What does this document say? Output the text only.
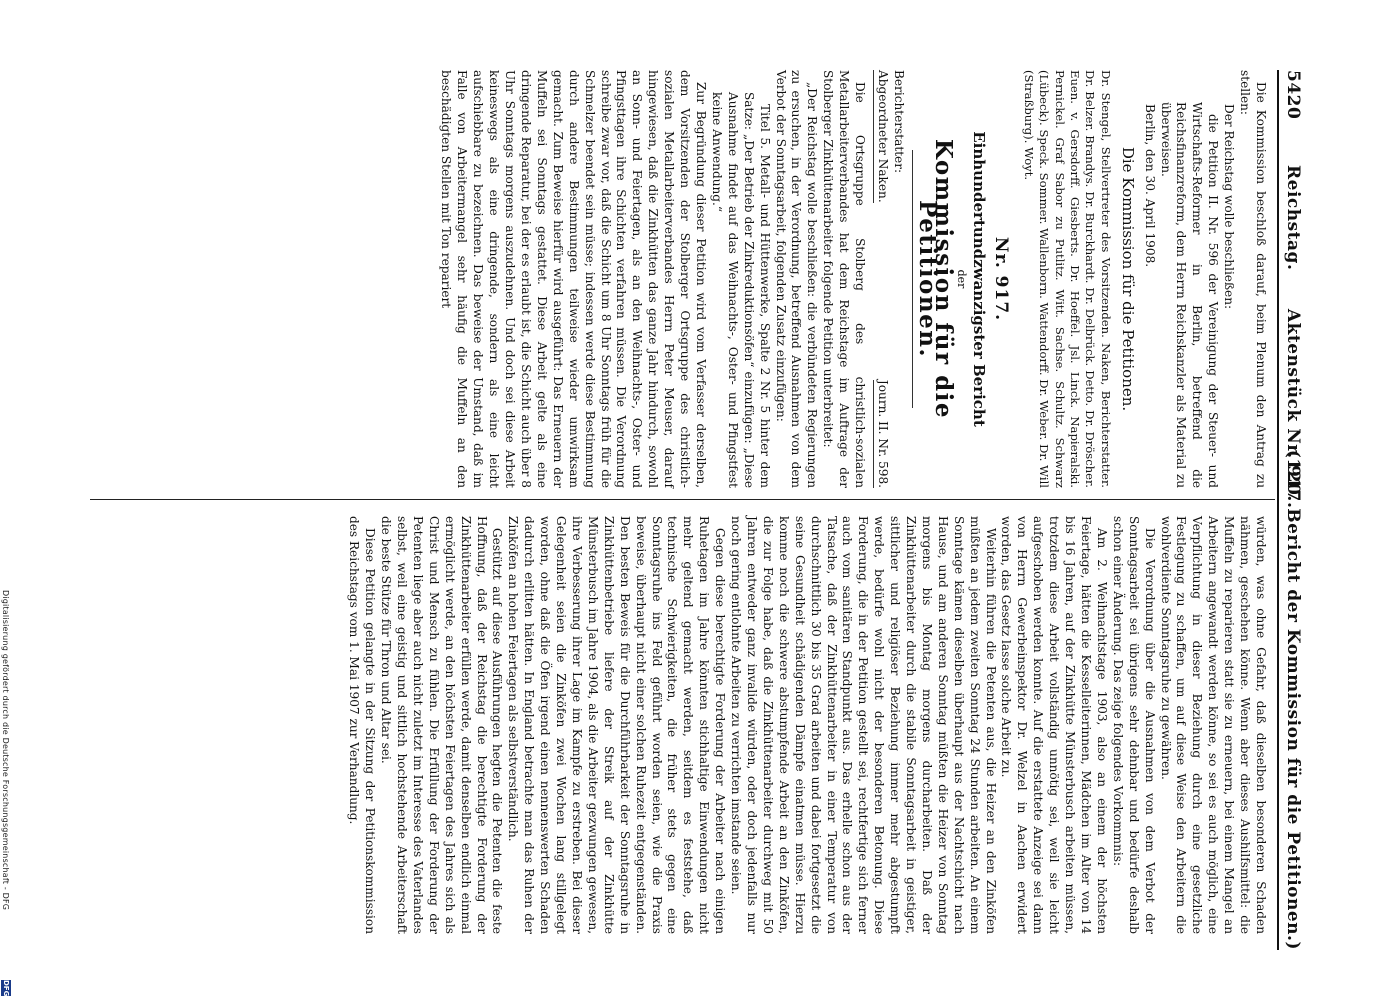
5420
Reichstag.      Aktenstück Nr. 917.
(120. Bericht der Kommission für die Petitionen.)

Die Kommission beschloß darauf, beim Plenum den Antrag zu stellen:

Der Reichstag wolle beschließen:

die Petition II. Nr. 596 der Vereinigung der Steuer- und Wirtschafts-Reformer in Berlin, betreffend die Reichsfinanzreform, dem Herrn Reichskanzler als Material zu überweisen.

Berlin, den 30. April 1908.

Die Kommission für die Petitionen.

Dr. Stengel, Stellvertreter des Vorsitzenden. Naken, Berichterstatter. Dr. Belzer. Brandys. Dr. Burckhardt. Dr. Delbrück. Detto. Dr. Dröscher. Euen. v. Gersdorff. Giesberts. Dr. Hoeffel. Jsl. Linck. Napieralski. Pernickel. Graf Sabor zu Putlitz. Witt. Sachse. Schultz. Schwarz (Lübeck). Speck. Sommer. Wallenborn. Wattendorff. Dr. Weber. Dr. Will (Straßburg). Woyt.

Nr. 917.
Einhundertundzwanzigster Bericht
der
Kommission für die Petitionen.
Berichterstatter:
Abgeordneter Naken.
Journ. II. Nr. 598.

Die Ortsgruppe Stolberg des christlich-sozialen Metallarbeiterverbandes hat dem Reichstage im Auftrage der Stolberger Zinkhüttenarbeiter folgende Petition unterbreitet:

„Der Reichstag wolle beschließen: die verbündeten Regierungen zu ersuchen, in der Verordnung, betreffend Ausnahmen von dem Verbot der Sonntagsarbeit, folgenden Zusatz einzufügen:

Titel 5. Metall- und Hüttenwerke, Spalte 2 Nr. 5 hinter dem Satze: „Der Betrieb der Zinkreduktionsöfen“ einzufügen: „Diese Ausnahme findet auf das Weihnachts-, Oster- und Pfingstfest keine Anwendung.“

Zur Begründung dieser Petition wird vom Verfasser derselben, dem Vorsitzenden der Stolberger Ortsgruppe des christlich-sozialen Metallarbeiterverbandes Herrn Peter Meuser, darauf hingewiesen, daß die Zinkhütten das ganze Jahr hindurch, sowohl an Sonn- und Feiertagen, als an den Weihnachts-, Oster- und Pfingsttagen ihre Schichten verfahren müssen. Die Verordnung schreibe zwar vor, daß die Schicht um 8 Uhr Sonntags früh für die Schmelzer beendet sein müsse; indessen werde diese Bestimmung durch andere Bestimmungen teilweise wieder umwirksam gemacht. Zum Beweise hierfür wird ausgeführt: Das Erneuern der Muffeln sei Sonntags gestattet. Diese Arbeit gelte als eine dringende Reparatur, bei der es erlaubt ist, die Schicht auch über 8 Uhr Sonntags morgens auszudehnen. Und doch sei diese Arbeit keineswegs als eine dringende, sondern als eine leicht aufschiebbare zu bezeichnen. Das beweise der Umstand, daß im Falle von Arbeitermangel sehr häufig die Muffeln an den beschädigten Stellen mit Ton repariert

würden, was ohne Gefahr, daß dieselben besonderen Schaden nähmen, geschehen könne. Wenn aber dieses Aushilfsmittel: die Muffeln zu reparieren statt sie zu erneuern, bei einem Mangel an Arbeitern angewandt werden könne, so sei es auch möglich, eine Verpflichtung in dieser Beziehung durch eine gesetzliche Festlegung zu schaffen, um auf diese Weise den Arbeitern die wohlverdiente Sonntagsruhe zu gewähren.

Die Verordnung über die Ausnahmen von dem Verbot der Sonntagsarbeit sei übrigens sehr dehnbar und bedürfe deshalb schon einer Änderung. Das zeige folgendes Vorkommnis:

Am 2. Weihnachtstage 1903, also an einem der höchsten Feiertage, hätten die Kesselleiterinnen, Mädchen im Alter von 14 bis 16 Jahren, auf der Zinkhütte Münsterbusch arbeiten müssen, trotzdem diese Arbeit vollständig unnötig sei, weil sie leicht aufgeschoben werden konnte. Auf die erstattete Anzeige sei dann von Herrn Gewerbeinspektor Dr. Welzel in Aachen erwidert worden, das Gesetz lasse solche Arbeit zu.

Weiterhin führen die Petenten aus, die Heizer an den Zinköfen müßten an jedem zweiten Sonntag 24 Stunden arbeiten. An einem Sonntage kämen dieselben überhaupt aus der Nachtschicht nach Hause, und am anderen Sonntag müßten die Heizer von Sonntag morgens bis Montag morgens durcharbeiten. Daß der Zinkhüttenarbeiter durch die stabile Sonntagsarbeit in geistiger, sittlicher und religiöser Beziehung immer mehr abgestumpft werde, bedürfe wohl nicht der besonderen Betonung. Diese Forderung, die in der Petition gestellt sei, rechtfertige sich ferner auch vom sanitären Standpunkt aus. Das erhelle schon aus der Tatsache, daß der Zinkhüttenarbeiter in einer Temperatur von durchschnittlich 30 bis 35 Grad arbeiten und dabei fortgesetzt die seine Gesundheit schädigenden Dämpfe einatmen müsse. Hierzu komme noch die schwere abstumpfende Arbeit an den Zinköfen, die zur Folge habe, daß die Zinkhüttenarbeiter durchweg mit 50 Jahren entweder ganz invalide würden, oder doch jedenfalls nur noch gering entlohnte Arbeiten zu verrichten imstande seien.

Gegen diese berechtigte Forderung der Arbeiter nach einigen Ruhetagen im Jahre könnten stichhaltige Einwendungen nicht mehr geltend gemacht werden, seitdem es feststehe, daß technische Schwierigkeiten, die früher stets gegen eine Sonntagsruhe ins Feld geführt worden seien, wie die Praxis beweise, überhaupt nicht einer solchen Ruhezeit entgegenständen. Den besten Beweis für die Durchführbarkeit der Sonntagsruhe in Zinkhüttenbetriebe liefere der Streik auf der Zinkhütte Münsterbusch im Jahre 1904, als die Arbeiter gezwungen gewesen, ihre Verbesserung ihrer Lage im Kampfe zu erstreben. Bei dieser Gelegenheit seien die Zinköfen zwei Wochen lang stillgelegt worden, ohne daß die Öfen irgend einen nennenswerten Schaden dadurch erlitten hätten. In England betrachte man das Ruhen der Zinköfen an hohen Feiertagen als selbstverständlich.

Gestützt auf diese Ausführungen hegten die Petenten die feste Hoffnung, daß der Reichstag die berechtigte Forderung der Zinkhüttenarbeiter erfüllen werde, damit denselben endlich einmal ermöglicht werde, an den höchsten Feiertagen des Jahres sich als Christ und Mensch zu fühlen. Die Erfüllung der Forderung der Petenten liege aber auch nicht zuletzt im Interesse des Vaterlandes selbst, weil eine geistig und sittlich hochstehende Arbeiterschaft die beste Stütze für Thron und Altar sei.

Diese Petition gelangte in der Sitzung der Petitionskommission des Reichstags vom 1. Mai 1907 zur Verhandlung.

Digitalisierung gefördert durch die Deutsche Forschungsgemeinschaft - DFG
DFG
